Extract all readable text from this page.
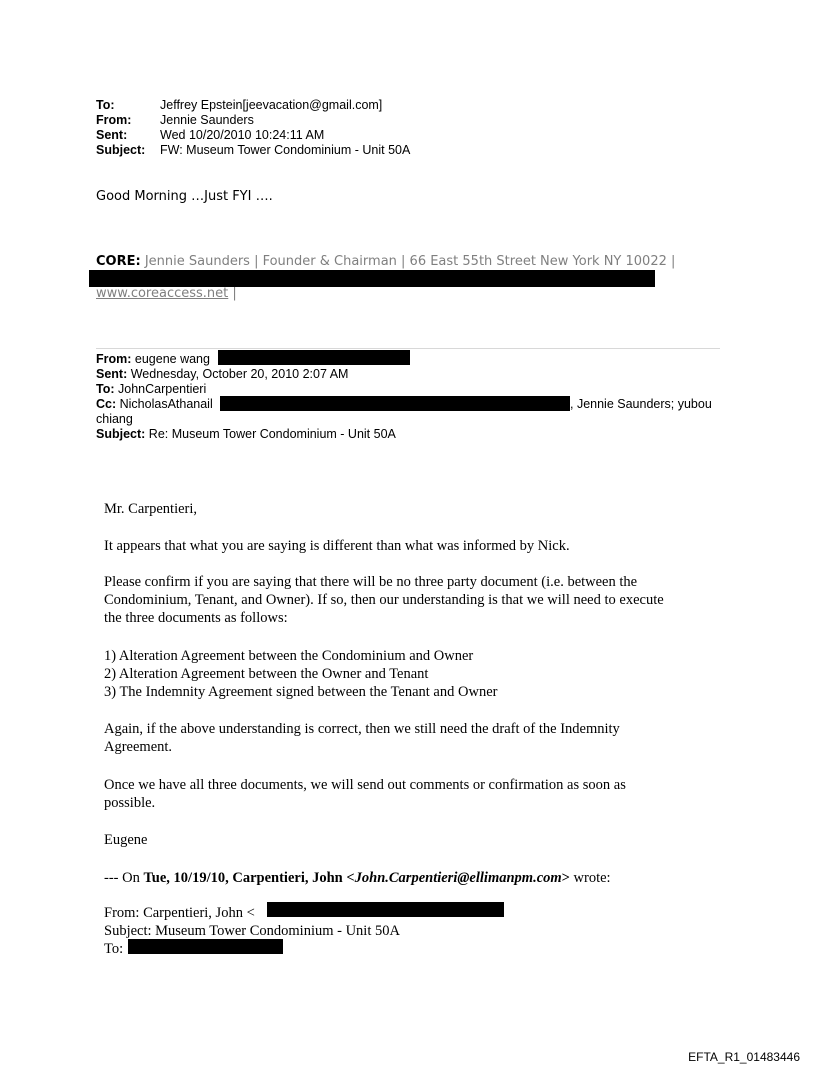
To:	Jeffrey Epstein[jeevacation@gmail.com]
From: Jennie Saunders
Sent:	Wed 10/20/2010 10:24:11 AM
Subject: FW: Museum Tower Condominium - Unit 50A
Good Morning …Just FYI ….
CORE: Jennie Saunders | Founder & Chairman | 66 East 55th Street New York NY 10022 |
www.coreaccess.net |
From: eugene wang
Sent: Wednesday, October 20, 2010 2:07 AM
To: JohnCarpentieri
Cc: NicholasAthanail	, Jennie Saunders; yubou
chiang
Subject: Re: Museum Tower Condominium - Unit 50A
Mr. Carpentieri,
It appears that what you are saying is different than what was informed by Nick.
Please confirm if you are saying that there will be no three party document (i.e. between the
Condominium, Tenant, and Owner). If so, then our understanding is that we will need to execute
the three documents as follows:
1) Alteration Agreement between the Condominium and Owner
2) Alteration Agreement between the Owner and Tenant
3) The Indemnity Agreement signed between the Tenant and Owner
Again, if the above understanding is correct, then we still need the draft of the Indemnity
Agreement.
Once we have all three documents, we will send out comments or confirmation as soon as
possible.
Eugene
--- On Tue, 10/19/10, Carpentieri, John <John.Carpentieri@ellimanpm.com> wrote:
From: Carpentieri, John <
Subject: Museum Tower Condominium - Unit 50A
To:
EFTA_R1_01483446
